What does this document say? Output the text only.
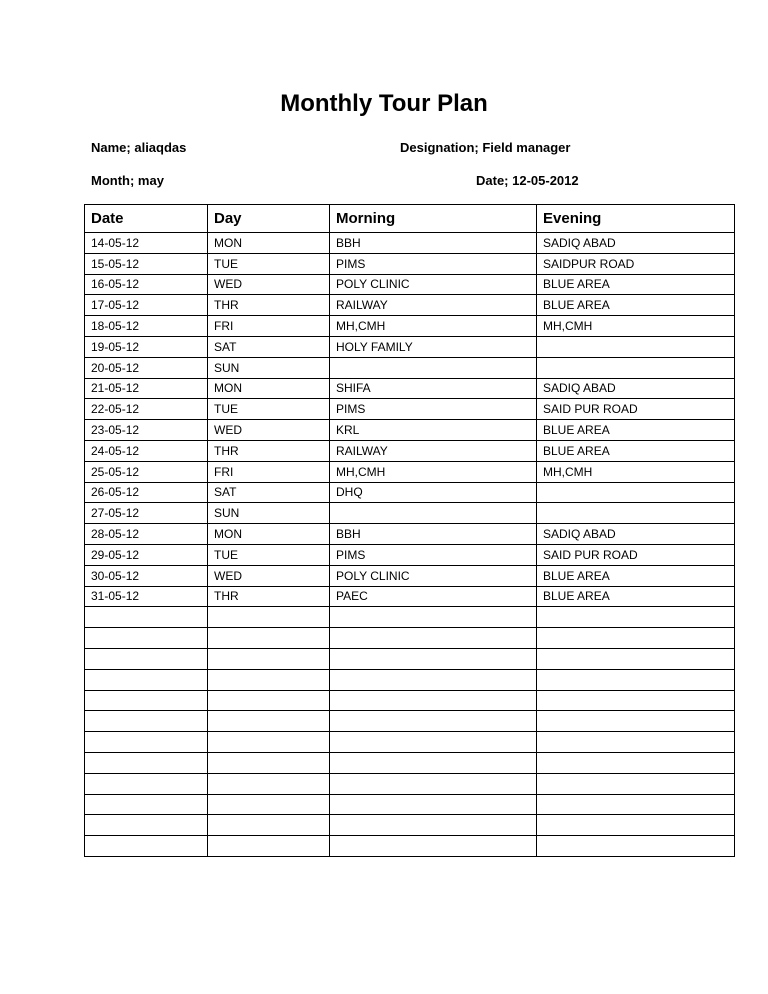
Monthly Tour Plan
Name; aliaqdas	Designation; Field manager
Month; may	Date; 12-05-2012
Date	Day	Morning	Evening
14-05-12	MON	BBH	SADIQ ABAD
15-05-12	TUE	PIMS	SAIDPUR ROAD
16-05-12	WED	POLY CLINIC	BLUE AREA
17-05-12	THR	RAILWAY	BLUE AREA
18-05-12	FRI	MH,CMH	MH,CMH
19-05-12	SAT	HOLY FAMILY	
20-05-12	SUN		
21-05-12	MON	SHIFA	SADIQ ABAD
22-05-12	TUE	PIMS	SAID PUR ROAD
23-05-12	WED	KRL	BLUE AREA
24-05-12	THR	RAILWAY	BLUE AREA
25-05-12	FRI	MH,CMH	MH,CMH
26-05-12	SAT	DHQ	
27-05-12	SUN		
28-05-12	MON	BBH	SADIQ ABAD
29-05-12	TUE	PIMS	SAID PUR ROAD
30-05-12	WED	POLY CLINIC	BLUE AREA
31-05-12	THR	PAEC	BLUE AREA
